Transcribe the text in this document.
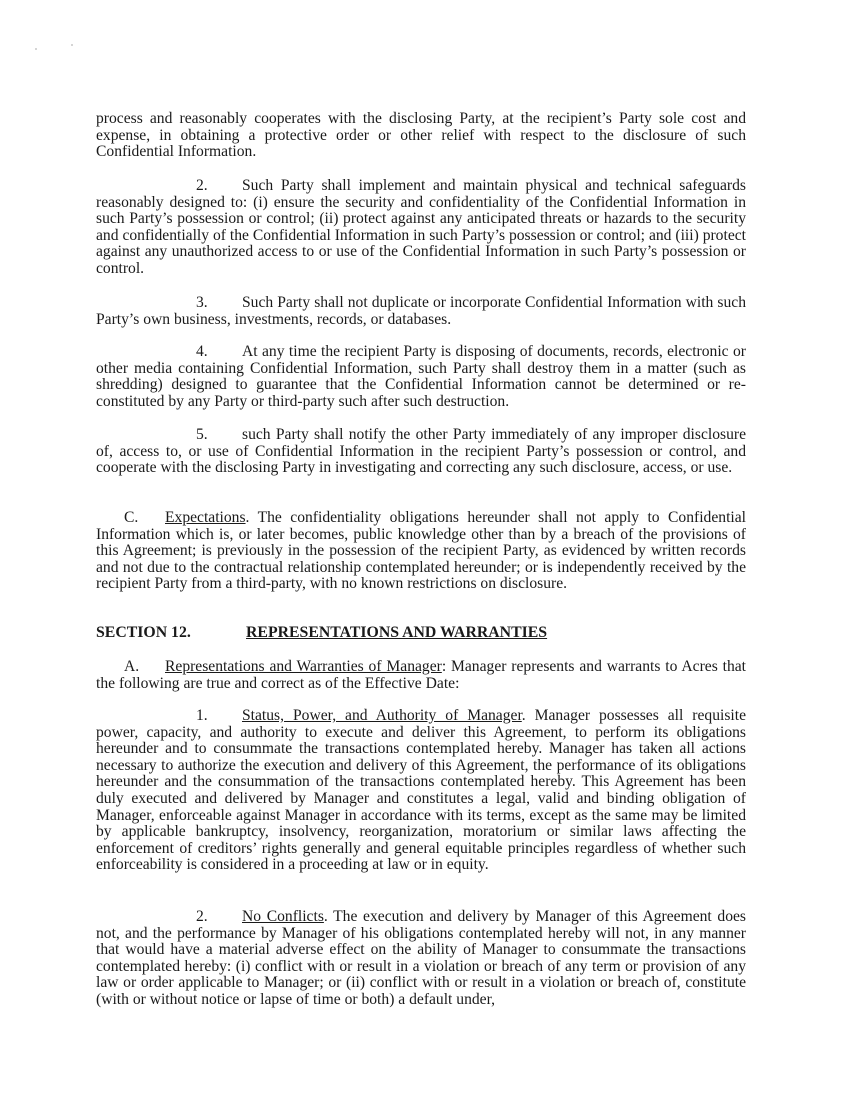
process and reasonably cooperates with the disclosing Party, at the recipient’s Party sole cost and expense, in obtaining a protective order or other relief with respect to the disclosure of such Confidential Information.

2. Such Party shall implement and maintain physical and technical safeguards reasonably designed to: (i) ensure the security and confidentiality of the Confidential Information in such Party’s possession or control; (ii) protect against any anticipated threats or hazards to the security and confidentially of the Confidential Information in such Party’s possession or control; and (iii) protect against any unauthorized access to or use of the Confidential Information in such Party’s possession or control.

3. Such Party shall not duplicate or incorporate Confidential Information with such Party’s own business, investments, records, or databases.

4. At any time the recipient Party is disposing of documents, records, electronic or other media containing Confidential Information, such Party shall destroy them in a matter (such as shredding) designed to guarantee that the Confidential Information cannot be determined or re-constituted by any Party or third-party such after such destruction.

5. such Party shall notify the other Party immediately of any improper disclosure of, access to, or use of Confidential Information in the recipient Party’s possession or control, and cooperate with the disclosing Party in investigating and correcting any such disclosure, access, or use.

C. Expectations. The confidentiality obligations hereunder shall not apply to Confidential Information which is, or later becomes, public knowledge other than by a breach of the provisions of this Agreement; is previously in the possession of the recipient Party, as evidenced by written records and not due to the contractual relationship contemplated hereunder; or is independently received by the recipient Party from a third-party, with no known restrictions on disclosure.

SECTION 12.	REPRESENTATIONS AND WARRANTIES

A. Representations and Warranties of Manager: Manager represents and warrants to Acres that the following are true and correct as of the Effective Date:

1. Status, Power, and Authority of Manager. Manager possesses all requisite power, capacity, and authority to execute and deliver this Agreement, to perform its obligations hereunder and to consummate the transactions contemplated hereby. Manager has taken all actions necessary to authorize the execution and delivery of this Agreement, the performance of its obligations hereunder and the consummation of the transactions contemplated hereby. This Agreement has been duly executed and delivered by Manager and constitutes a legal, valid and binding obligation of Manager, enforceable against Manager in accordance with its terms, except as the same may be limited by applicable bankruptcy, insolvency, reorganization, moratorium or similar laws affecting the enforcement of creditors’ rights generally and general equitable principles regardless of whether such enforceability is considered in a proceeding at law or in equity.

2. No Conflicts. The execution and delivery by Manager of this Agreement does not, and the performance by Manager of his obligations contemplated hereby will not, in any manner that would have a material adverse effect on the ability of Manager to consummate the transactions contemplated hereby: (i) conflict with or result in a violation or breach of any term or provision of any law or order applicable to Manager; or (ii) conflict with or result in a violation or breach of, constitute (with or without notice or lapse of time or both) a default under,
